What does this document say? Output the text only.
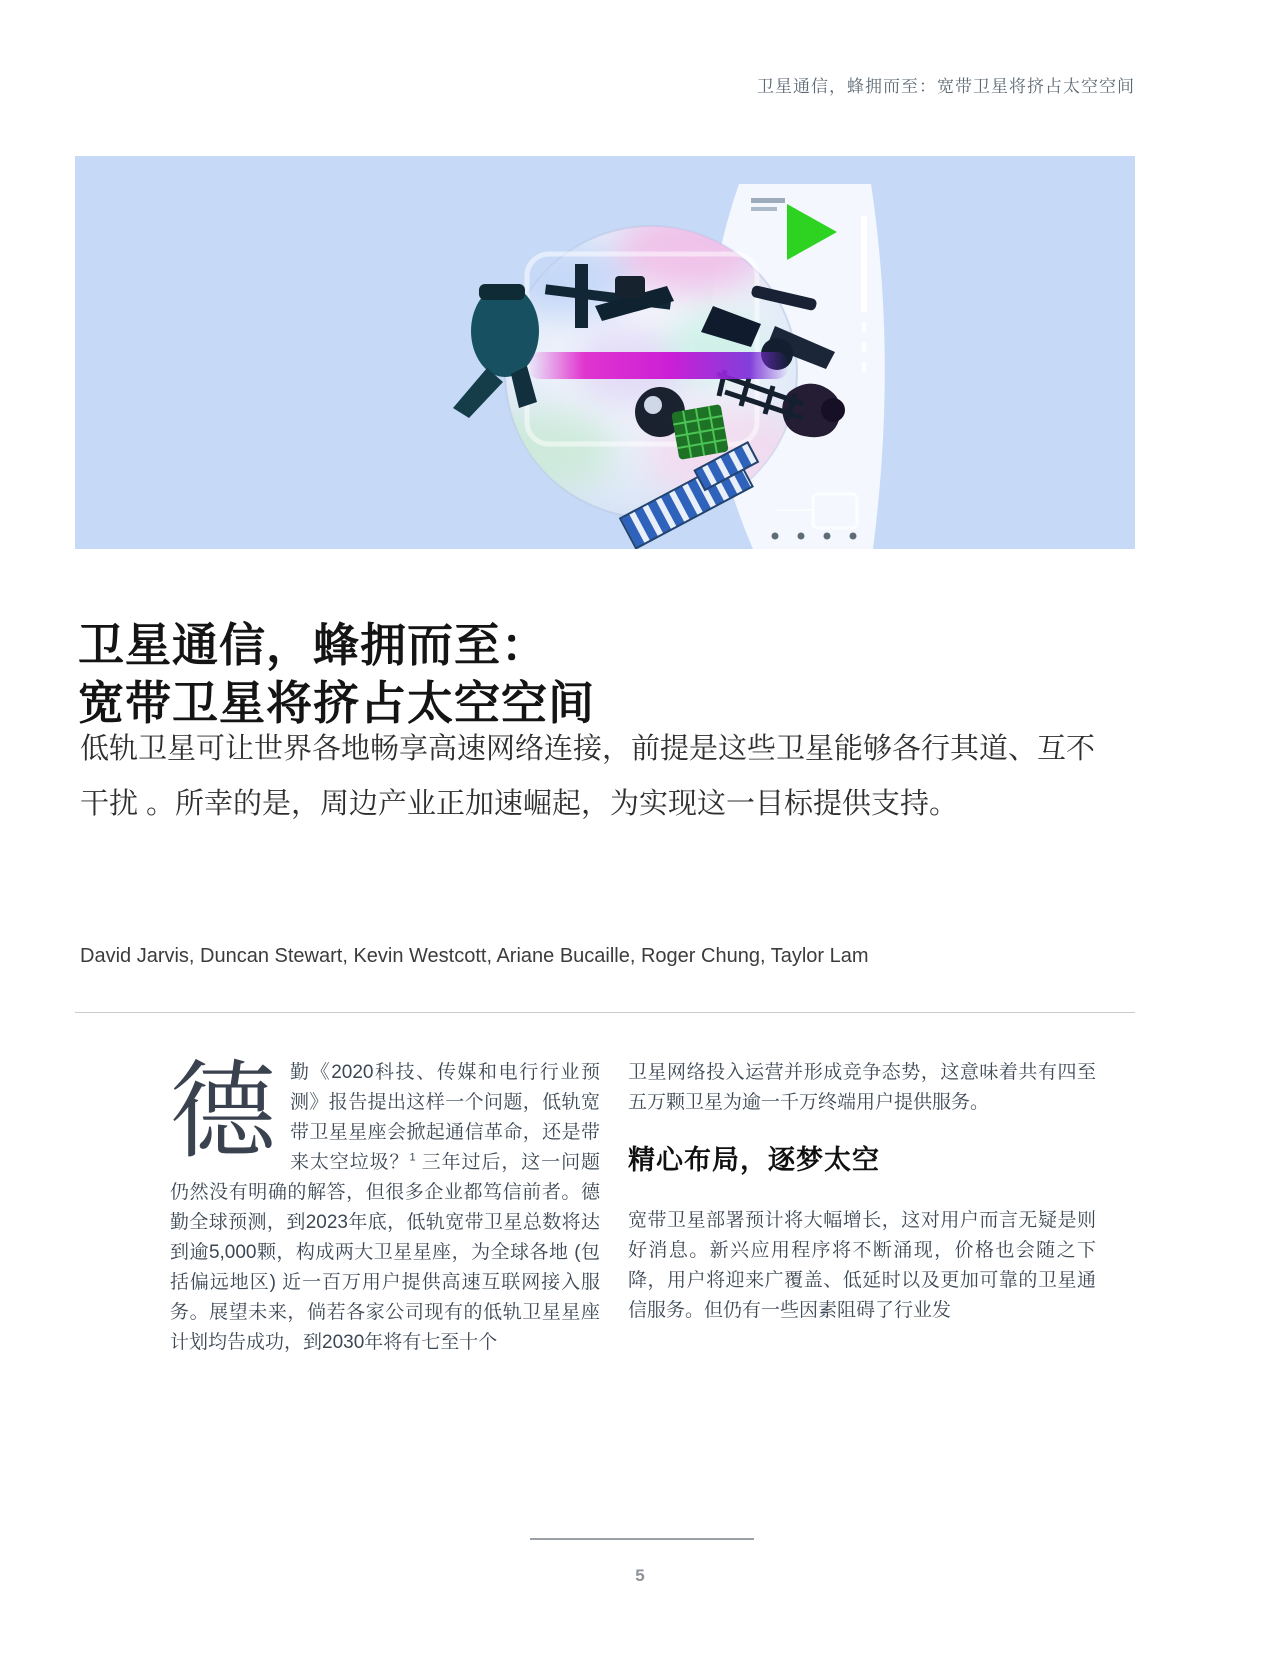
卫星通信，蜂拥而至：宽带卫星将挤占太空空间
卫星通信，蜂拥而至：
宽带卫星将挤占太空空间
低轨卫星可让世界各地畅享高速网络连接，前提是这些卫星能够各行其道、互不干扰 。所幸的是，周边产业正加速崛起，为实现这一目标提供支持。
David Jarvis, Duncan Stewart, Kevin Westcott, Ariane Bucaille, Roger Chung, Taylor Lam
德勤《2020科技、传媒和电行行业预测》报告提出这样一个问题，低轨宽带卫星星座会掀起通信革命，还是带来太空垃圾？$^1$ 三年过后，这一问题仍然没有明确的解答，但很多企业都笃信前者。德勤全球预测，到2023年底，低轨宽带卫星总数将达到逾5,000颗，构成两大卫星星座，为全球各地 (包括偏远地区) 近一百万用户提供高速互联网接入服务。展望未来，倘若各家公司现有的低轨卫星星座计划均告成功，到2030年将有七至十个

卫星网络投入运营并形成竞争态势，这意味着共有四至五万颗卫星为逾一千万终端用户提供服务。

精心布局，逐梦太空

宽带卫星部署预计将大幅增长，这对用户而言无疑是则好消息。新兴应用程序将不断涌现，价格也会随之下降，用户将迎来广覆盖、低延时以及更加可靠的卫星通信服务。但仍有一些因素阻碍了行业发

5
